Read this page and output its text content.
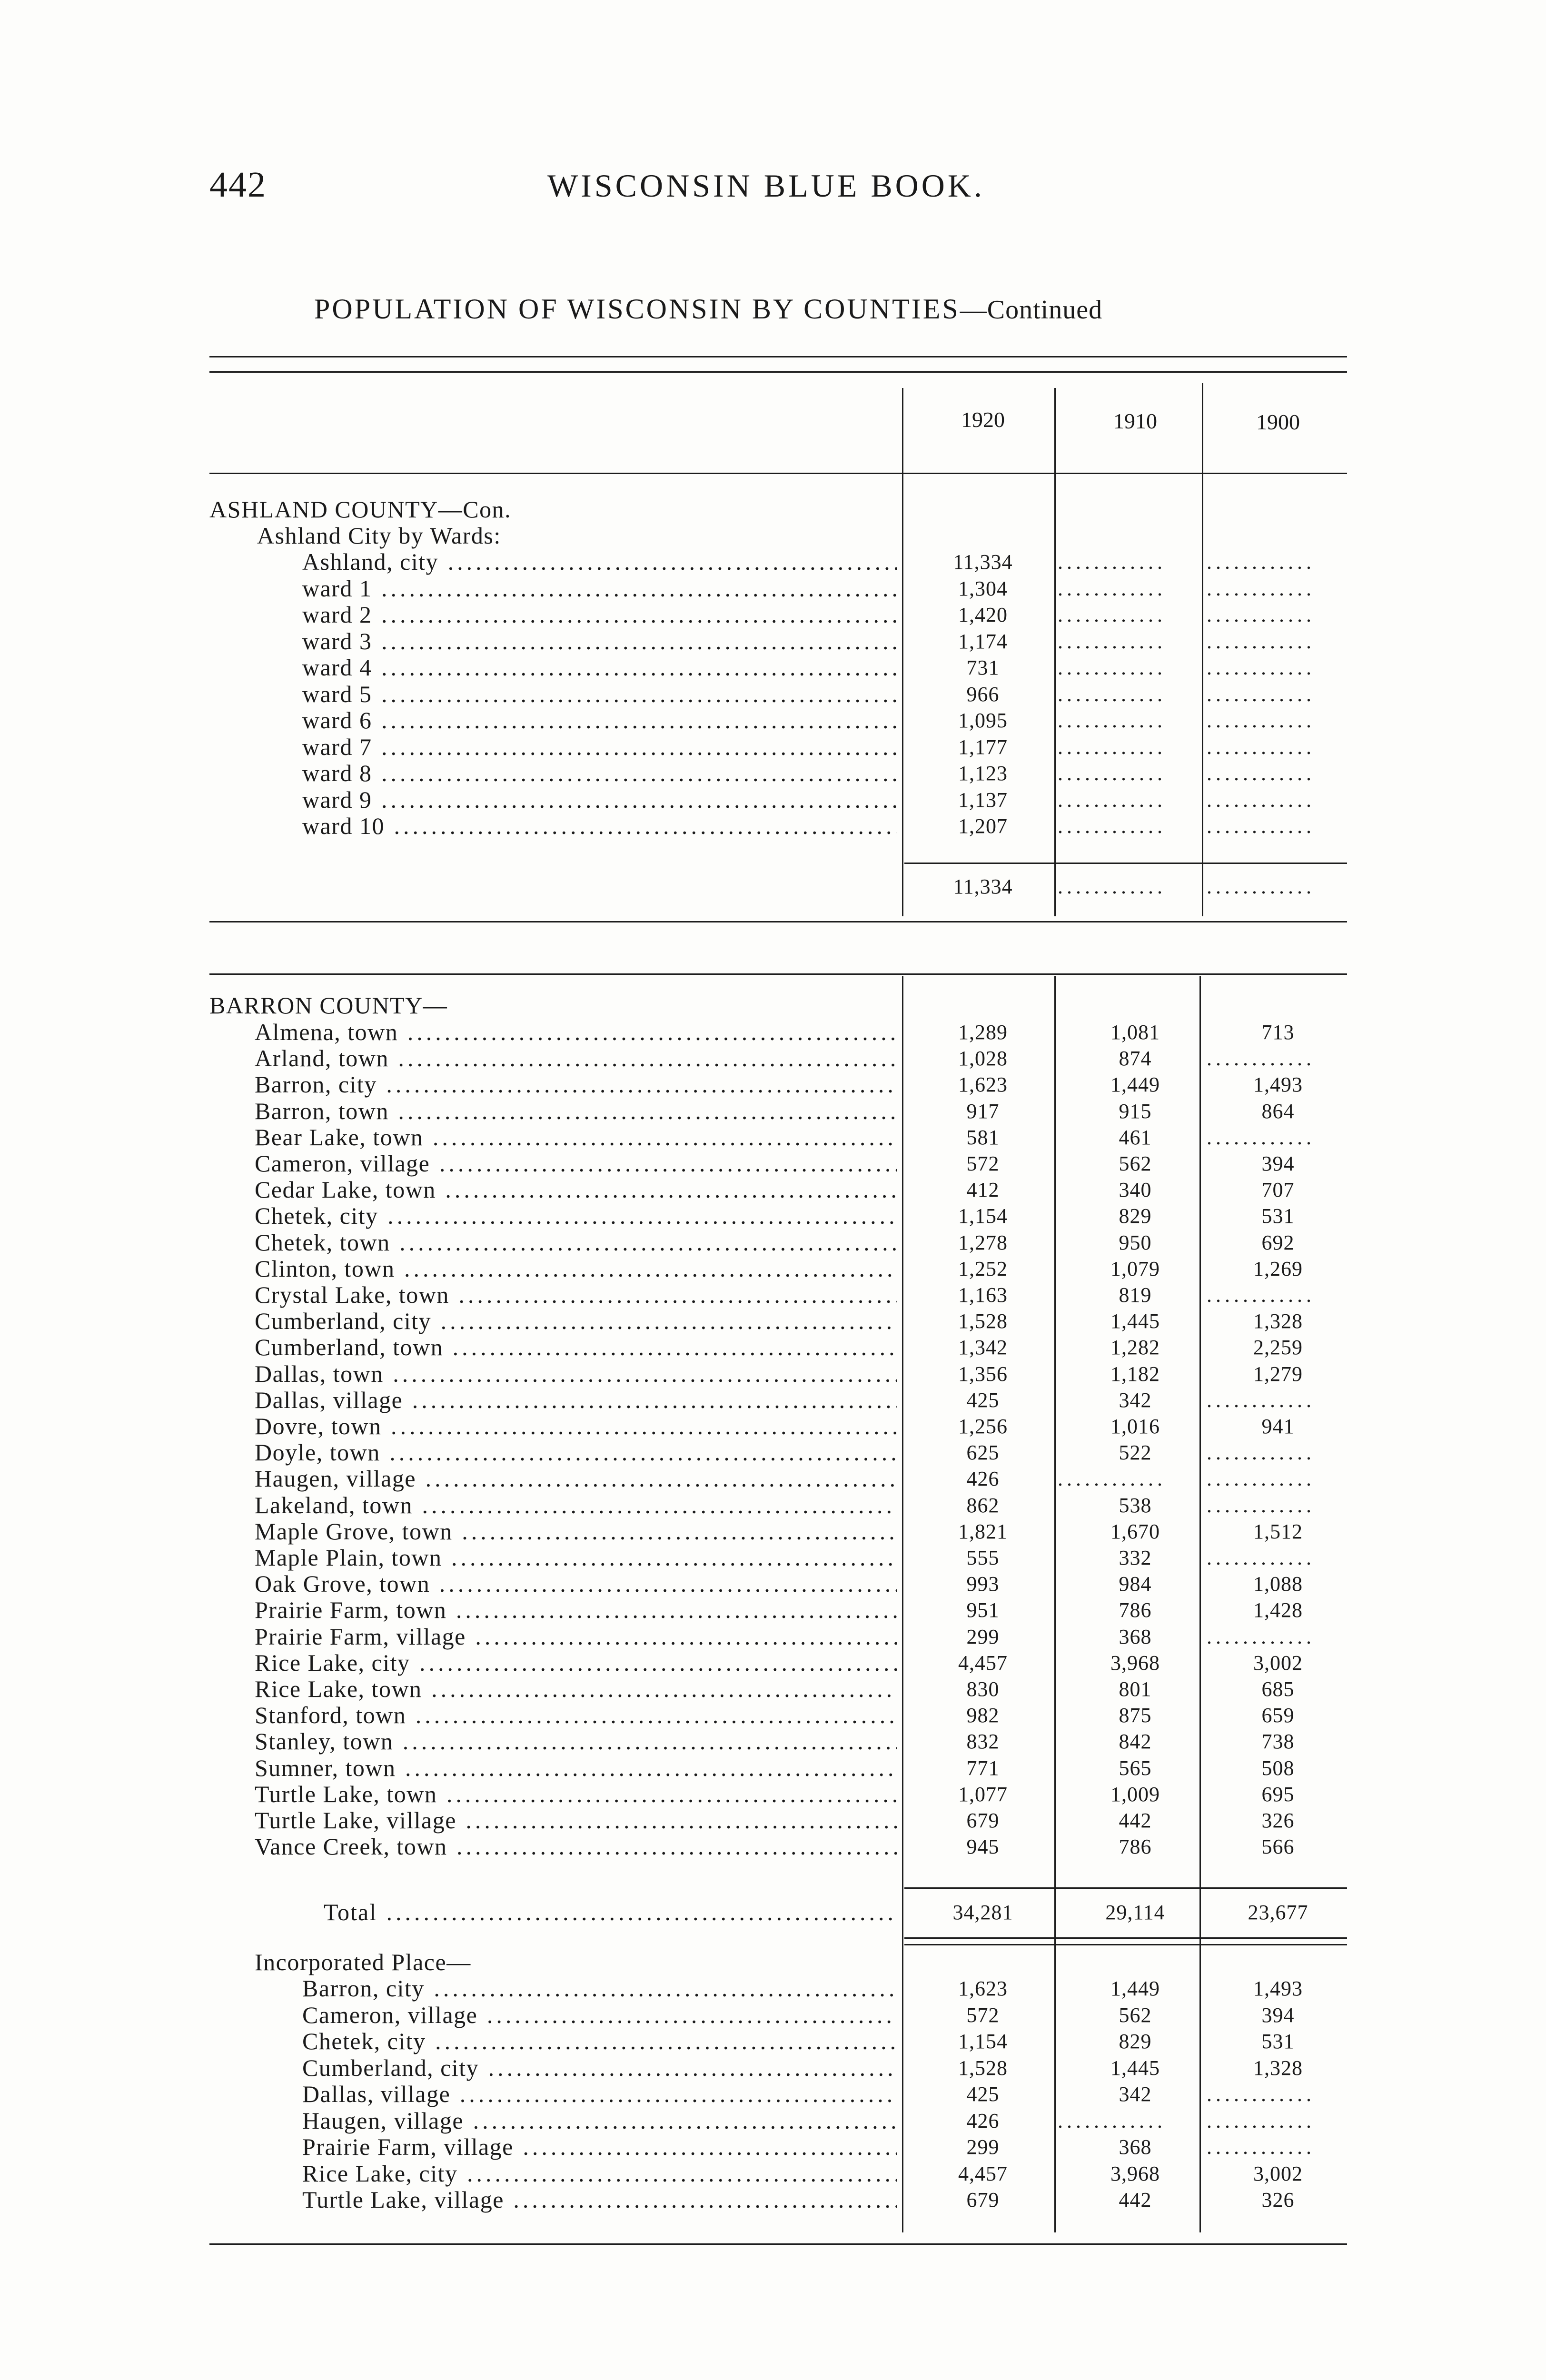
442	WISCONSIN BLUE BOOK.
POPULATION OF WISCONSIN BY COUNTIES—Continued
1920	1910	1900
ASHLAND COUNTY—Con.
Ashland City by Wards:
Ashland, city .....	11,334	............	............
ward 1 .....	1,304	............	............
ward 2 .....	1,420	............	............
ward 3 .....	1,174	............	............
ward 4 .....	731	............	............
ward 5 .....	966	............	............
ward 6 .....	1,095	............	............
ward 7 .....	1,177	............	............
ward 8 .....	1,123	............	............
ward 9 .....	1,137	............	............
ward 10 .....	1,207	............	............
11,334	............	............
BARRON COUNTY—
Almena, town .....	1,289	1,081	713
Arland, town .....	1,028	874	............
Barron, city .....	1,623	1,449	1,493
Barron, town .....	917	915	864
Bear Lake, town .....	581	461	............
Cameron, village .....	572	562	394
Cedar Lake, town .....	412	340	707
Chetek, city .....	1,154	829	531
Chetek, town .....	1,278	950	692
Clinton, town .....	1,252	1,079	1,269
Crystal Lake, town .....	1,163	819	............
Cumberland, city .....	1,528	1,445	1,328
Cumberland, town .....	1,342	1,282	2,259
Dallas, town .....	1,356	1,182	1,279
Dallas, village .....	425	342	............
Dovre, town .....	1,256	1,016	941
Doyle, town .....	625	522	............
Haugen, village .....	426	............	............
Lakeland, town .....	862	538	............
Maple Grove, town .....	1,821	1,670	1,512
Maple Plain, town .....	555	332	............
Oak Grove, town .....	993	984	1,088
Prairie Farm, town .....	951	786	1,428
Prairie Farm, village .....	299	368	............
Rice Lake, city .....	4,457	3,968	3,002
Rice Lake, town .....	830	801	685
Stanford, town .....	982	875	659
Stanley, town .....	832	842	738
Sumner, town .....	771	565	508
Turtle Lake, town .....	1,077	1,009	695
Turtle Lake, village .....	679	442	326
Vance Creek, town .....	945	786	566
Total .....	34,281	29,114	23,677
Incorporated Place—
Barron, city .....	1,623	1,449	1,493
Cameron, village .....	572	562	394
Chetek, city .....	1,154	829	531
Cumberland, city .....	1,528	1,445	1,328
Dallas, village .....	425	342	............
Haugen, village .....	426	............	............
Prairie Farm, village .....	299	368	............
Rice Lake, city .....	4,457	3,968	3,002
Turtle Lake, village .....	679	442	326
